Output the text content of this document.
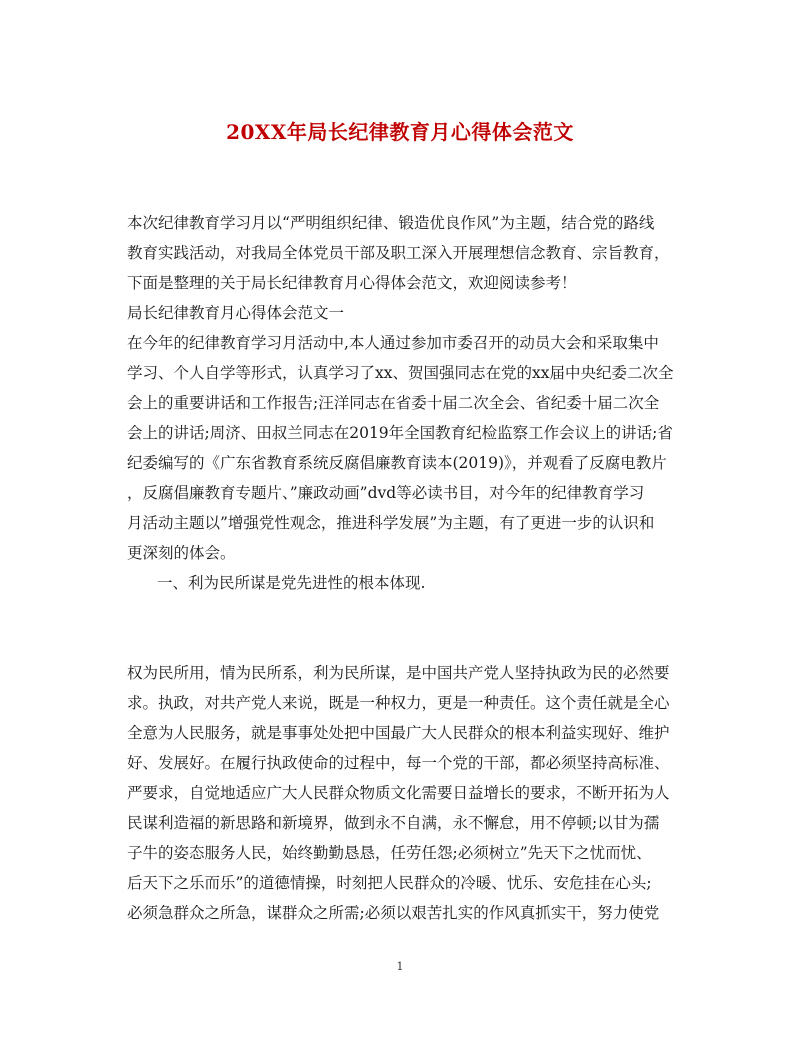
20XX年局长纪律教育月心得体会范文
本次纪律教育学习月以“严明组织纪律、锻造优良作风”为主题，结合党的路线
教育实践活动，对我局全体党员干部及职工深入开展理想信念教育、宗旨教育，
下面是整理的关于局长纪律教育月心得体会范文，欢迎阅读参考！
局长纪律教育月心得体会范文一
在今年的纪律教育学习月活动中,本人通过参加市委召开的动员大会和采取集中
学习、个人自学等形式，认真学习了xx、贺国强同志在党的xx届中央纪委二次全
会上的重要讲话和工作报告;汪洋同志在省委十届二次全会、省纪委十届二次全
会上的讲话;周济、田叔兰同志在2019年全国教育纪检监察工作会议上的讲话;省
纪委编写的《广东省教育系统反腐倡廉教育读本(2019)》，并观看了反腐电教片
，反腐倡廉教育专题片、”廉政动画”dvd等必读书目，对今年的纪律教育学习
月活动主题以”增强党性观念，推进科学发展”为主题，有了更进一步的认识和
更深刻的体会。
一、利为民所谋是党先进性的根本体现.
权为民所用，情为民所系，利为民所谋，是中国共产党人坚持执政为民的必然要
求。执政，对共产党人来说，既是一种权力，更是一种责任。这个责任就是全心
全意为人民服务，就是事事处处把中国最广大人民群众的根本利益实现好、维护
好、发展好。在履行执政使命的过程中，每一个党的干部，都必须坚持高标准、
严要求，自觉地适应广大人民群众物质文化需要日益增长的要求，不断开拓为人
民谋利造福的新思路和新境界，做到永不自满，永不懈怠，用不停顿;以甘为孺
子牛的姿态服务人民，始终勤勤恳恳，任劳任怨;必须树立”先天下之忧而忧、
后天下之乐而乐”的道德情操，时刻把人民群众的冷暖、忧乐、安危挂在心头;
必须急群众之所急，谋群众之所需;必须以艰苦扎实的作风真抓实干，努力使党
1
